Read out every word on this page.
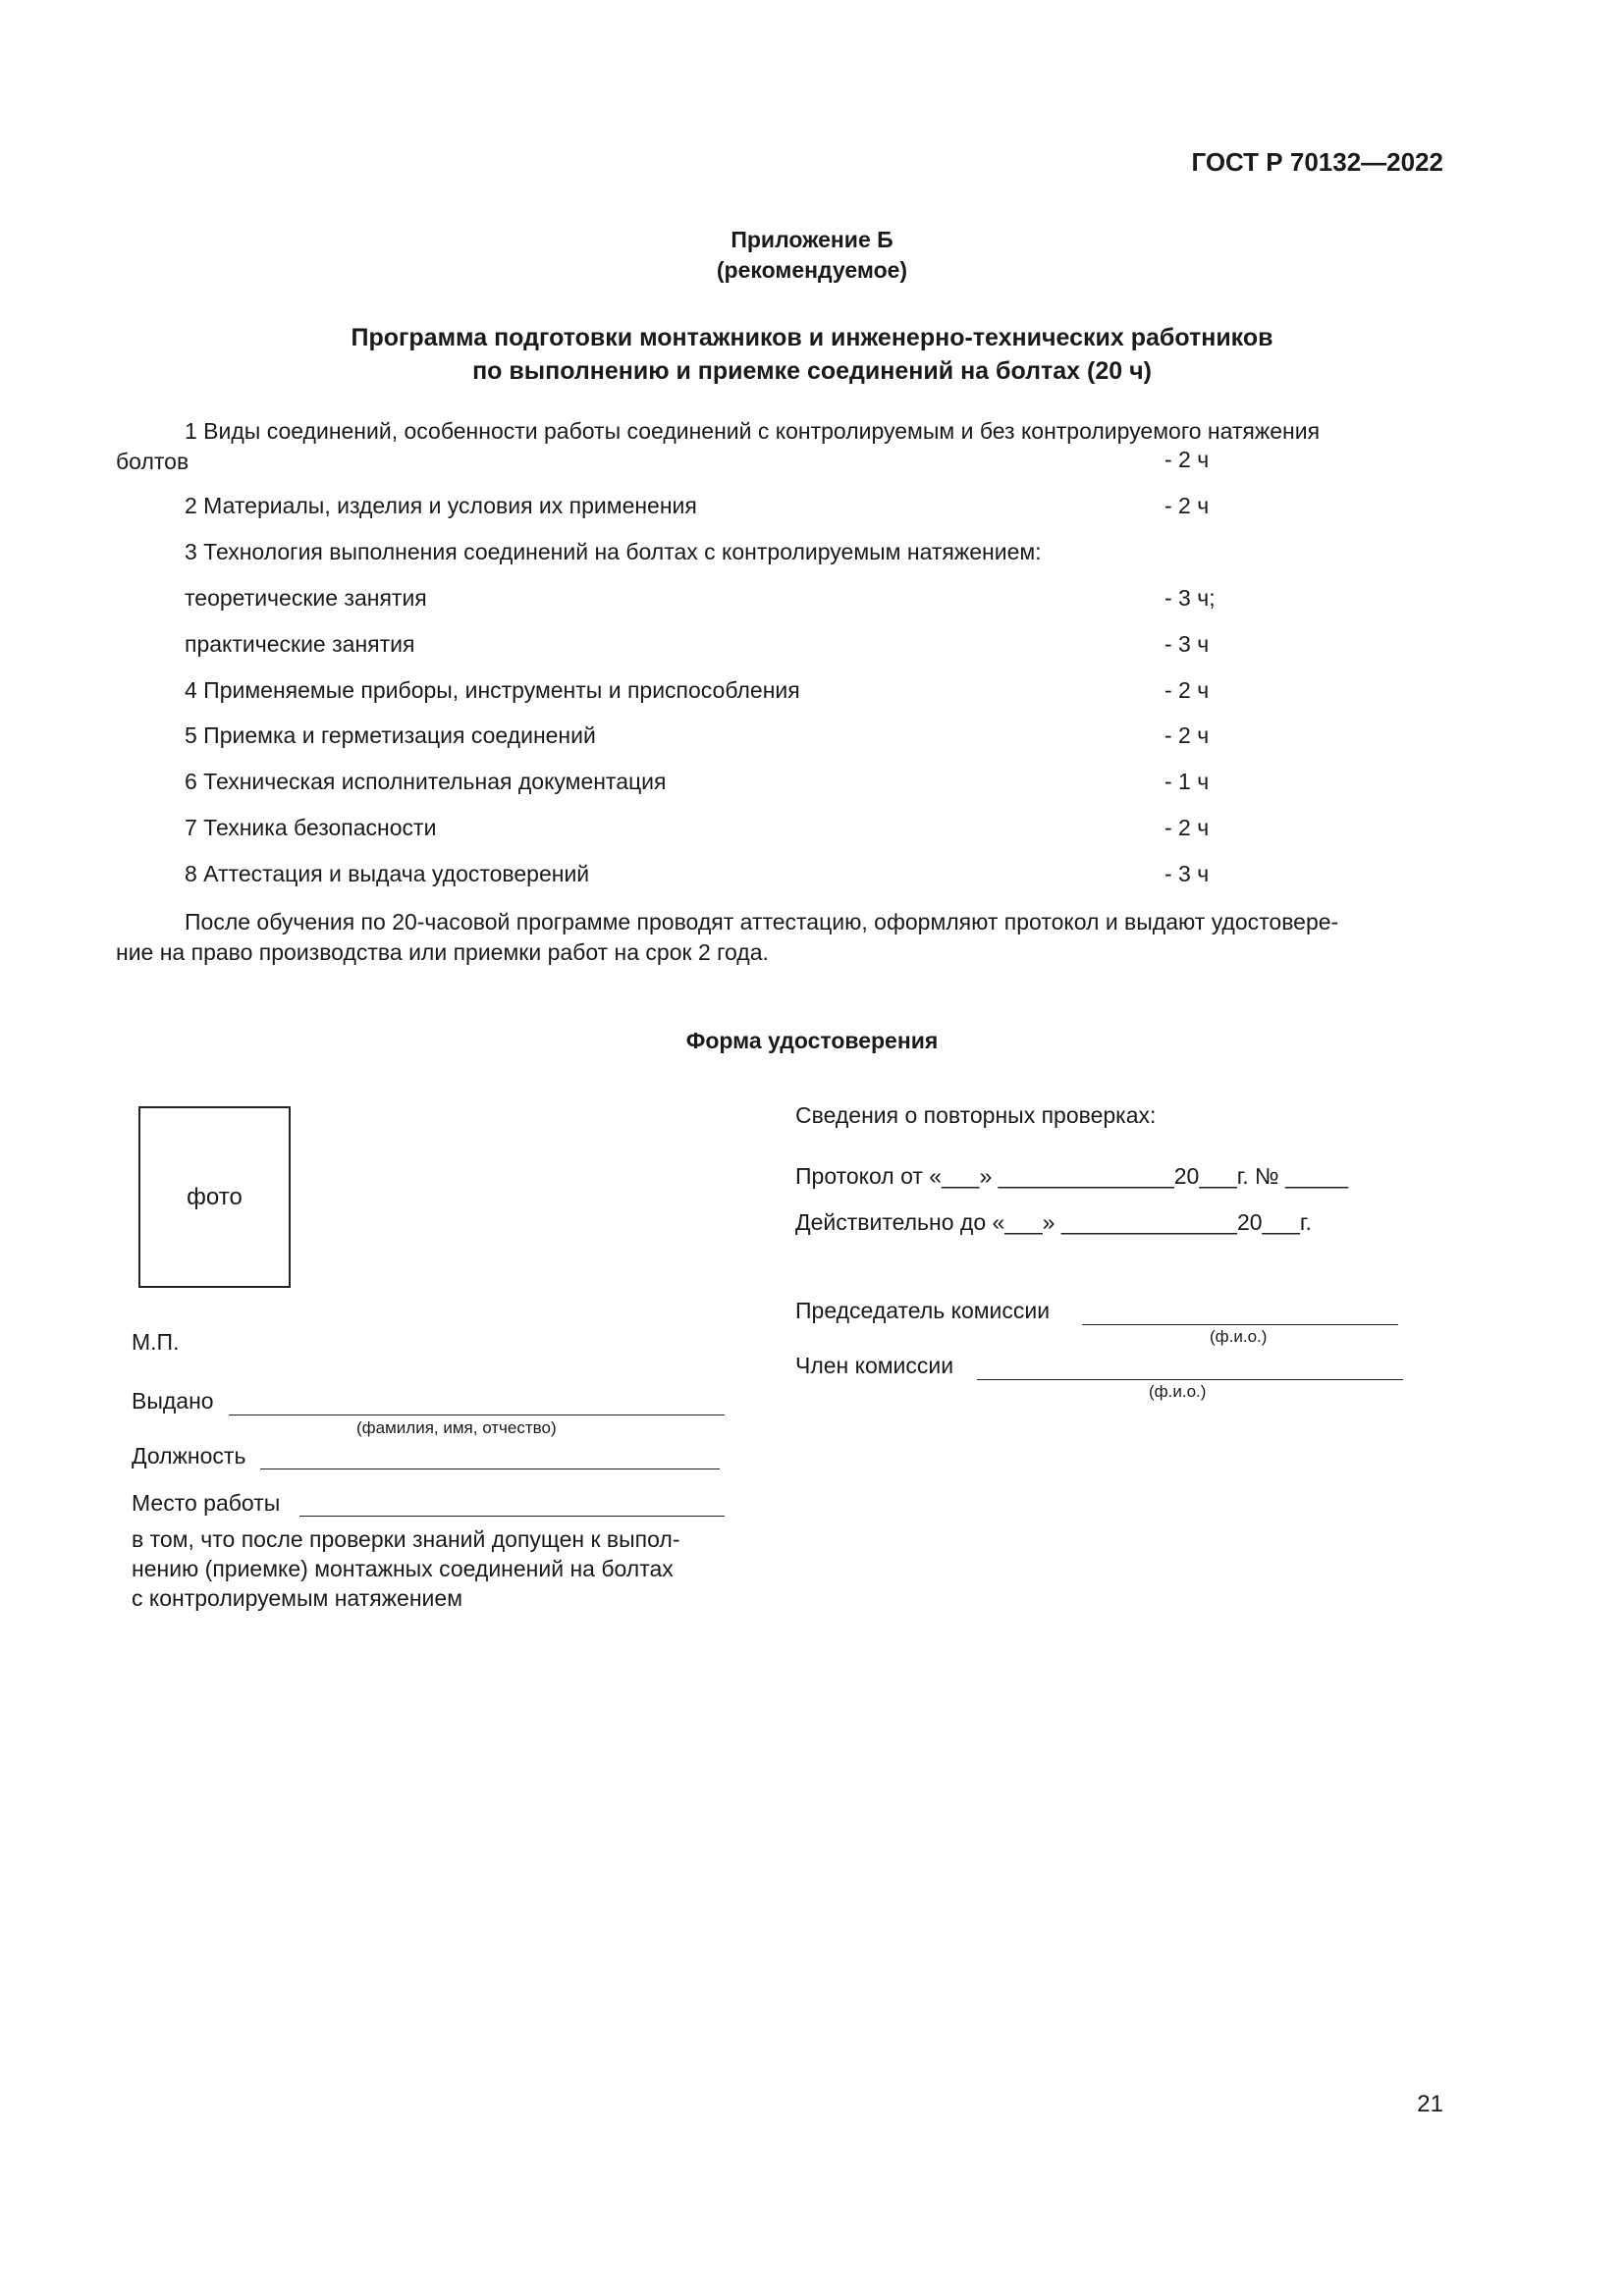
ГОСТ Р 70132—2022
Приложение Б
(рекомендуемое)
Программа подготовки монтажников и инженерно-технических работников
по выполнению и приемке соединений на болтах (20 ч)
1 Виды соединений, особенности работы соединений с контролируемым и без контролируемого натяжения
болтов	- 2 ч
2 Материалы, изделия и условия их применения	- 2 ч
3 Технология выполнения соединений на болтах с контролируемым натяжением:
теоретические занятия	- 3 ч;
практические занятия	- 3 ч
4 Применяемые приборы, инструменты и приспособления	- 2 ч
5 Приемка и герметизация соединений	- 2 ч
6 Техническая исполнительная документация	- 1 ч
7 Техника безопасности	- 2 ч
8 Аттестация и выдача удостоверений	- 3 ч
После обучения по 20-часовой программе проводят аттестацию, оформляют протокол и выдают удостовере-
ние на право производства или приемки работ на срок 2 года.
Форма удостоверения
фото
М.П.
Выдано
(фамилия, имя, отчество)
Должность
Место работы
в том, что после проверки знаний допущен к выпол-
нению (приемке) монтажных соединений на болтах
с контролируемым натяжением
Сведения о повторных проверках:
Протокол от «___» ______________20___г. № _____
Действительно до «___» ______________20___г.
Председатель комиссии
(ф.и.о.)
Член комиссии
(ф.и.о.)
21
